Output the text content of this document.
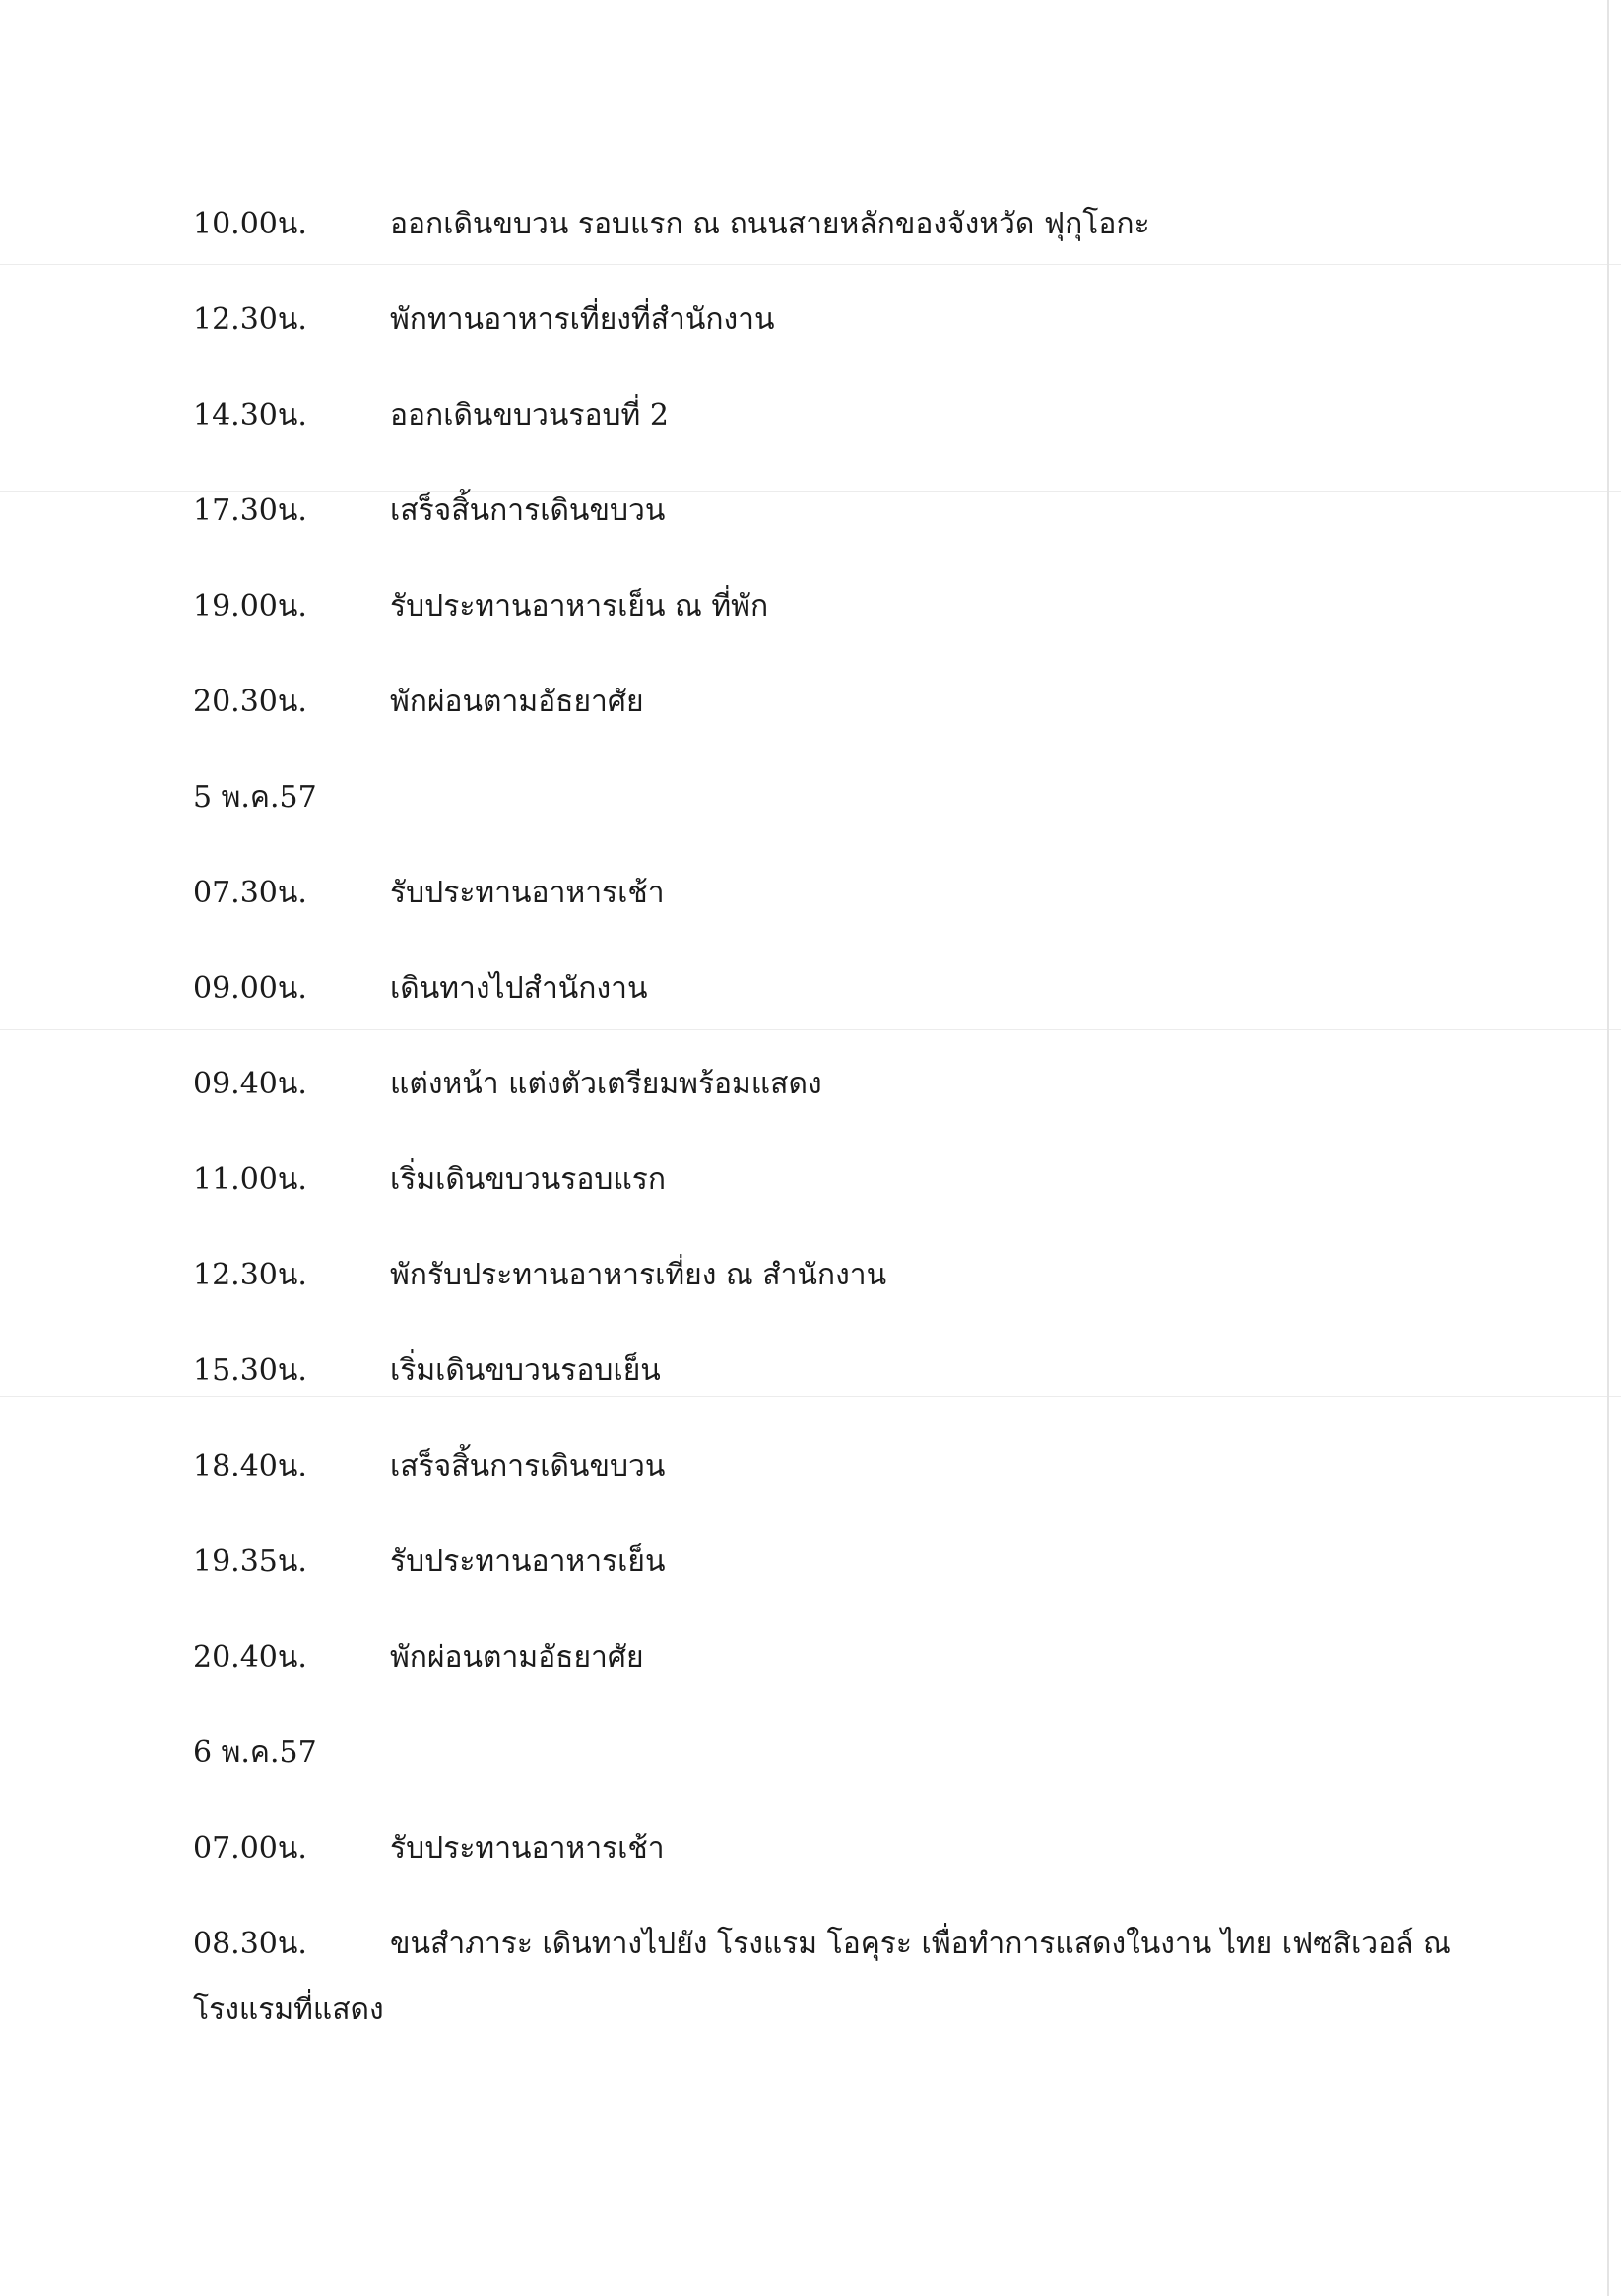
10.00น.	ออกเดินขบวน รอบแรก ณ ถนนสายหลักของจังหวัด ฟุกุโอกะ
12.30น.	พักทานอาหารเที่ยงที่สำนักงาน
14.30น.	ออกเดินขบวนรอบที่ 2
17.30น.	เสร็จสิ้นการเดินขบวน
19.00น.	รับประทานอาหารเย็น ณ ที่พัก
20.30น.	พักผ่อนตามอัธยาศัย
5 พ.ค.57
07.30น.	รับประทานอาหารเช้า
09.00น.	เดินทางไปสำนักงาน
09.40น.	แต่งหน้า แต่งตัวเตรียมพร้อมแสดง
11.00น.	เริ่มเดินขบวนรอบแรก
12.30น.	พักรับประทานอาหารเที่ยง ณ สำนักงาน
15.30น.	เริ่มเดินขบวนรอบเย็น
18.40น.	เสร็จสิ้นการเดินขบวน
19.35น.	รับประทานอาหารเย็น
20.40น.	พักผ่อนตามอัธยาศัย
6 พ.ค.57
07.00น.	รับประทานอาหารเช้า
08.30น.	ขนสำภาระ เดินทางไปยัง โรงแรม โอคุระ เพื่อทำการแสดงในงาน ไทย เฟซสิเวอล์ ณ
โรงแรมที่แสดง
